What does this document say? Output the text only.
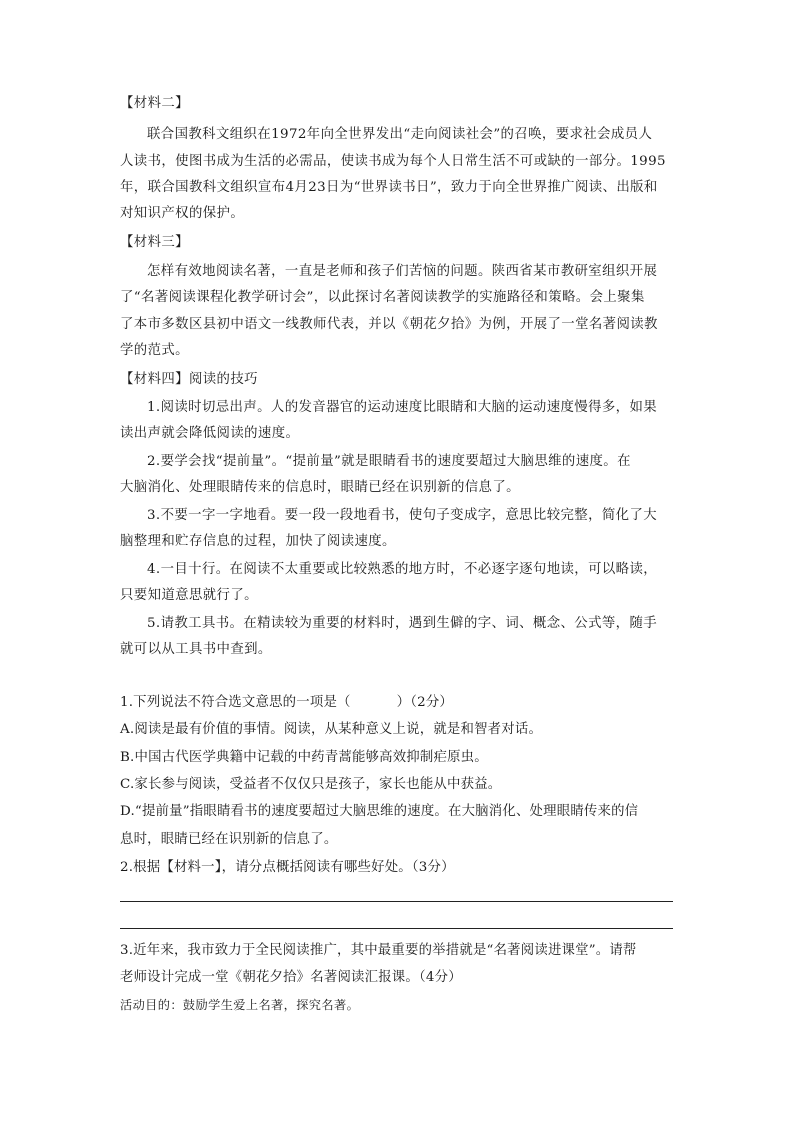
【材料二】
联合国教科文组织在1972年向全世界发出“走向阅读社会”的召唤，要求社会成员人
人读书，使图书成为生活的必需品，使读书成为每个人日常生活不可或缺的一部分。1995
年，联合国教科文组织宣布4月23日为“世界读书日”，致力于向全世界推广阅读、出版和
对知识产权的保护。
【材料三】
怎样有效地阅读名著，一直是老师和孩子们苦恼的问题。陕西省某市教研室组织开展
了“名著阅读课程化教学研讨会”，以此探讨名著阅读教学的实施路径和策略。会上聚集
了本市多数区县初中语文一线教师代表，并以《朝花夕拾》为例，开展了一堂名著阅读教
学的范式。
【材料四】阅读的技巧
1.阅读时切忌出声。人的发音器官的运动速度比眼睛和大脑的运动速度慢得多，如果
读出声就会降低阅读的速度。
2.要学会找“提前量”。“提前量”就是眼睛看书的速度要超过大脑思维的速度。在
大脑消化、处理眼睛传来的信息时，眼睛已经在识别新的信息了。
3.不要一字一字地看。要一段一段地看书，使句子变成字，意思比较完整，简化了大
脑整理和贮存信息的过程，加快了阅读速度。
4.一目十行。在阅读不太重要或比较熟悉的地方时，不必逐字逐句地读，可以略读，
只要知道意思就行了。
5.请教工具书。在精读较为重要的材料时，遇到生僻的字、词、概念、公式等，随手
就可以从工具书中查到。
1.下列说法不符合选文意思的一项是（	）（2分）
A.阅读是最有价值的事情。阅读，从某种意义上说，就是和智者对话。
B.中国古代医学典籍中记载的中药青蒿能够高效抑制疟原虫。
C.家长参与阅读，受益者不仅仅只是孩子，家长也能从中获益。
D.“提前量”指眼睛看书的速度要超过大脑思维的速度。在大脑消化、处理眼睛传来的信
息时，眼睛已经在识别新的信息了。
2.根据【材料一】，请分点概括阅读有哪些好处。（3分）
3.近年来，我市致力于全民阅读推广，其中最重要的举措就是“名著阅读进课堂”。请帮
老师设计完成一堂《朝花夕拾》名著阅读汇报课。（4分）
活动目的：鼓励学生爱上名著，探究名著。
